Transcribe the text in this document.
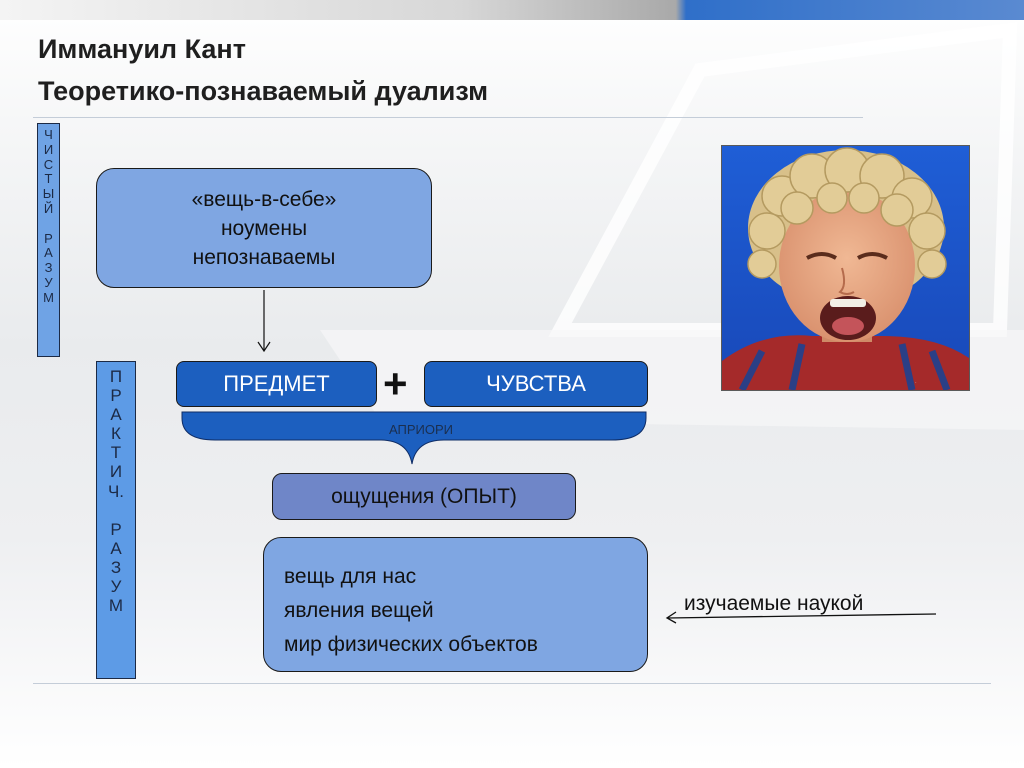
Иммануил Кант
Теоретико-познаваемый дуализм
Ч
И
С
Т
Ы
Й
Р
А
З
У
М
П
Р
А
К
Т
И
Ч.
Р
А
З
У
М
«вещь-в-себе»
ноумены
непознаваемы
ПРЕДМЕТ	+	ЧУВСТВА
АПРИОРИ
ощущения (ОПЫТ)
вещь для нас
явления вещей
мир физических объектов
изучаемые наукой
·
